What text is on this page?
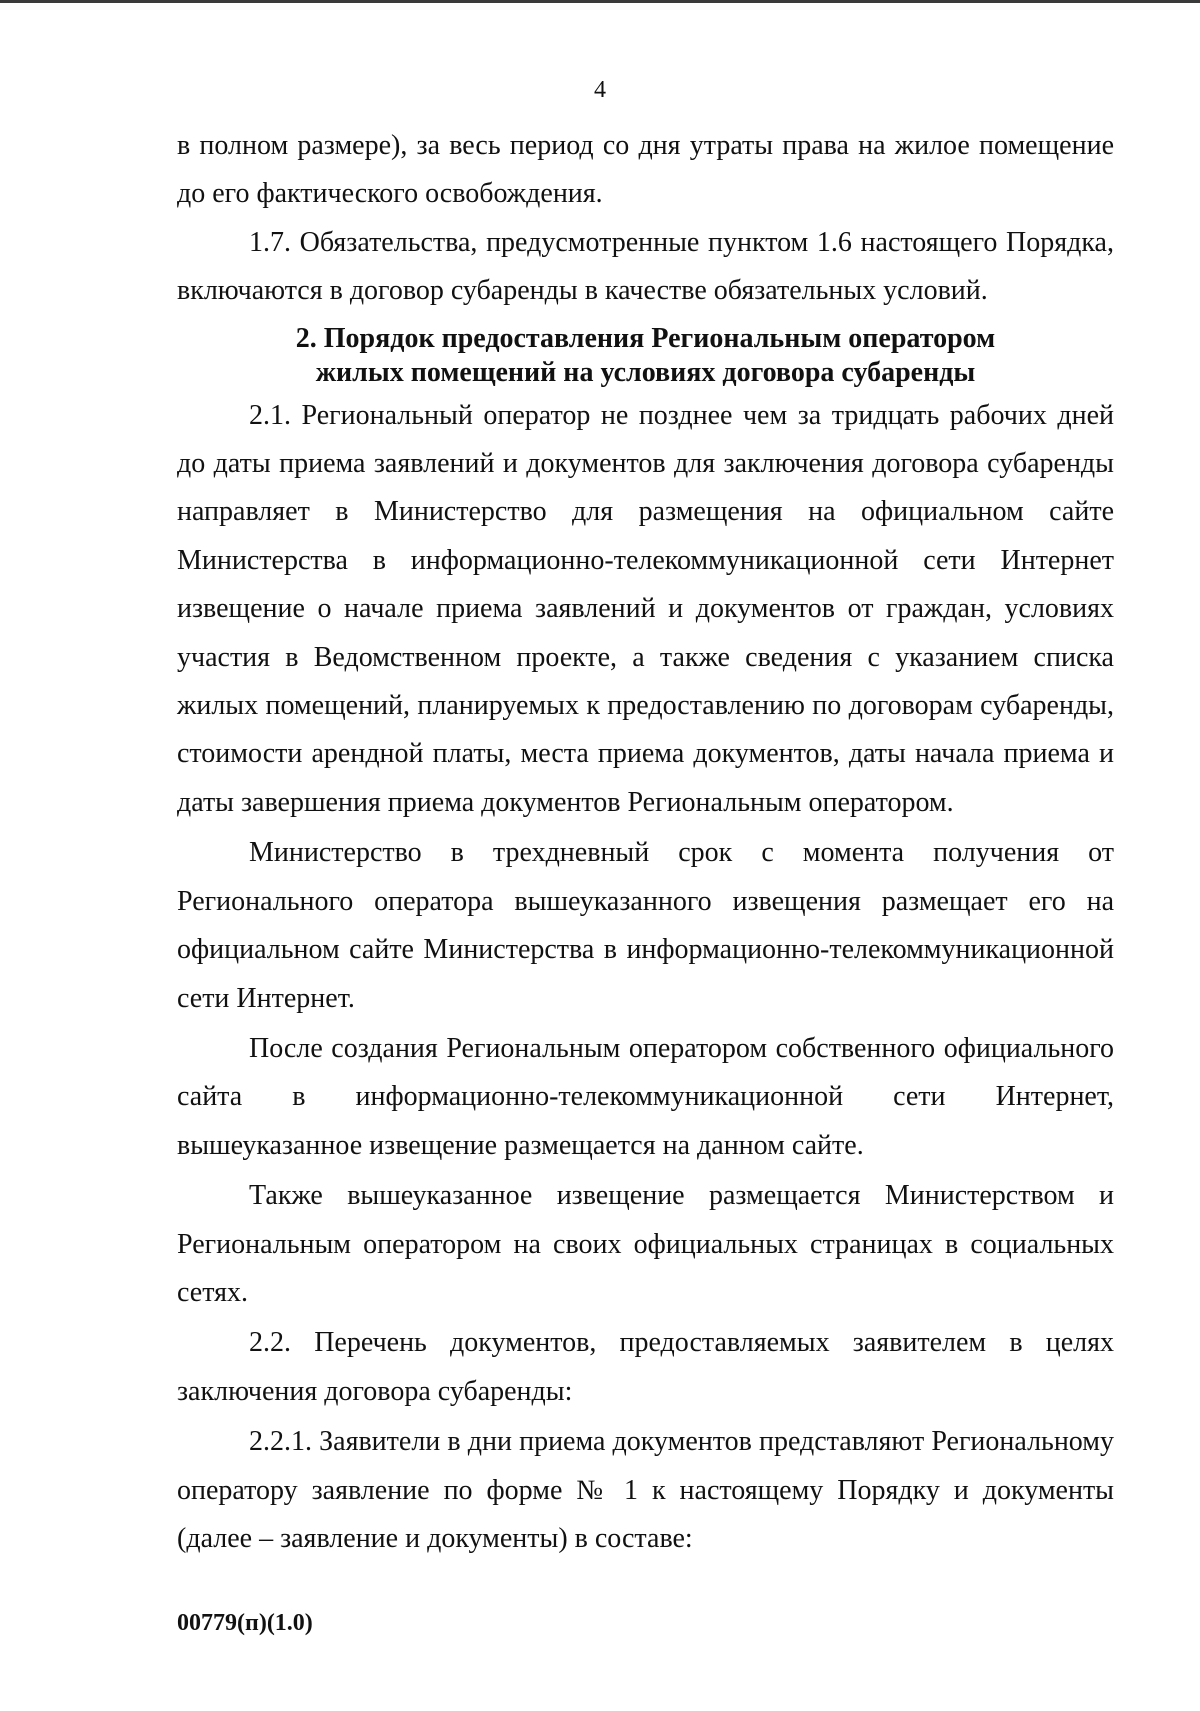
4

в полном размере), за весь период со дня утраты права на жилое помещение до его фактического освобождения.

1.7. Обязательства, предусмотренные пунктом 1.6 настоящего Порядка, включаются в договор субаренды в качестве обязательных условий.

2. Порядок предоставления Региональным оператором
жилых помещений на условиях договора субаренды

2.1. Региональный оператор не позднее чем за тридцать рабочих дней до даты приема заявлений и документов для заключения договора субаренды направляет в Министерство для размещения на официальном сайте Министерства в информационно-телекоммуникационной сети Интернет извещение о начале приема заявлений и документов от граждан, условиях участия в Ведомственном проекте, а также сведения с указанием списка жилых помещений, планируемых к предоставлению по договорам субаренды, стоимости арендной платы, места приема документов, даты начала приема и даты завершения приема документов Региональным оператором.

Министерство в трехдневный срок с момента получения от Регионального оператора вышеуказанного извещения размещает его на официальном сайте Министерства в информационно-телекоммуникационной сети Интернет.

После создания Региональным оператором собственного официального сайта в информационно-телекоммуникационной сети Интернет, вышеуказанное извещение размещается на данном сайте.

Также вышеуказанное извещение размещается Министерством и Региональным оператором на своих официальных страницах в социальных сетях.

2.2. Перечень документов, предоставляемых заявителем в целях заключения договора субаренды:

2.2.1. Заявители в дни приема документов представляют Региональному оператору заявление по форме № 1 к настоящему Порядку и документы (далее – заявление и документы) в составе:

00779(п)(1.0)
